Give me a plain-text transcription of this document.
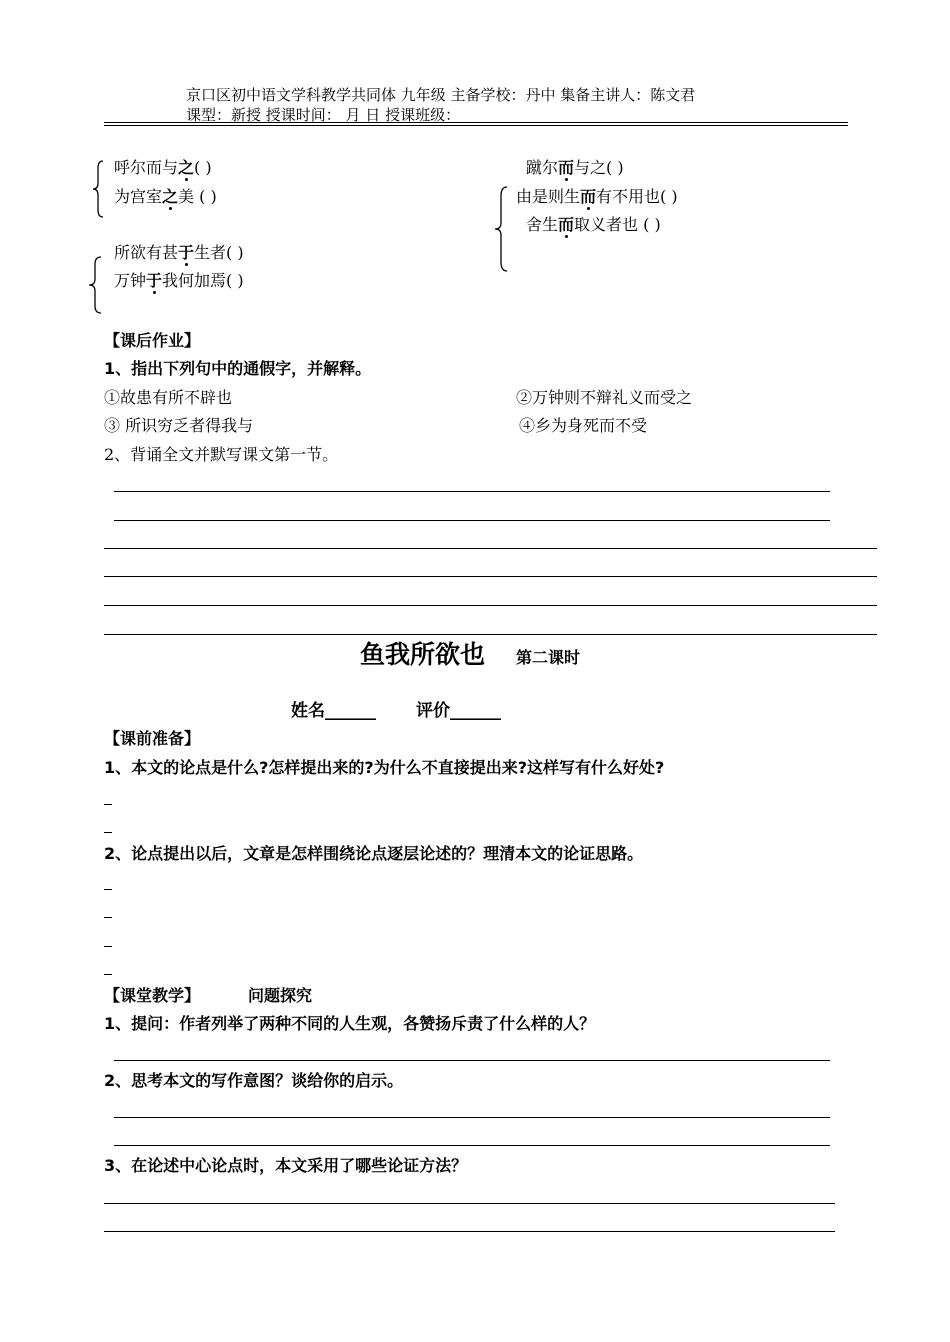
京口区初中语文学科教学共同体 九年级 主备学校：丹中 集备主讲人：陈文君
课型：新授 授课时间： 月 日 授课班级：
呼尔而与之( )
为宫室之美 ( )
蹴尔而与之( )
由是则生而有不用也( )
舍生而取义者也 ( )
所欲有甚于生者( )
万钟于我何加焉( )
【课后作业】
1、指出下列句中的通假字，并解释。
①故患有所不辟也	②万钟则不辩礼义而受之
③ 所识穷乏者得我与	④乡为身死而不受
2、背诵全文并默写课文第一节。
鱼我所欲也 第二课时
姓名______ 评价______
【课前准备】
1、本文的论点是什么?怎样提出来的?为什么不直接提出来?这样写有什么好处?
2、论点提出以后，文章是怎样围绕论点逐层论述的？理清本文的论证思路。
【课堂教学】	问题探究
1、提问：作者列举了两种不同的人生观，各赞扬斥责了什么样的人？
2、思考本文的写作意图？谈给你的启示。
3、在论述中心论点时，本文采用了哪些论证方法？
